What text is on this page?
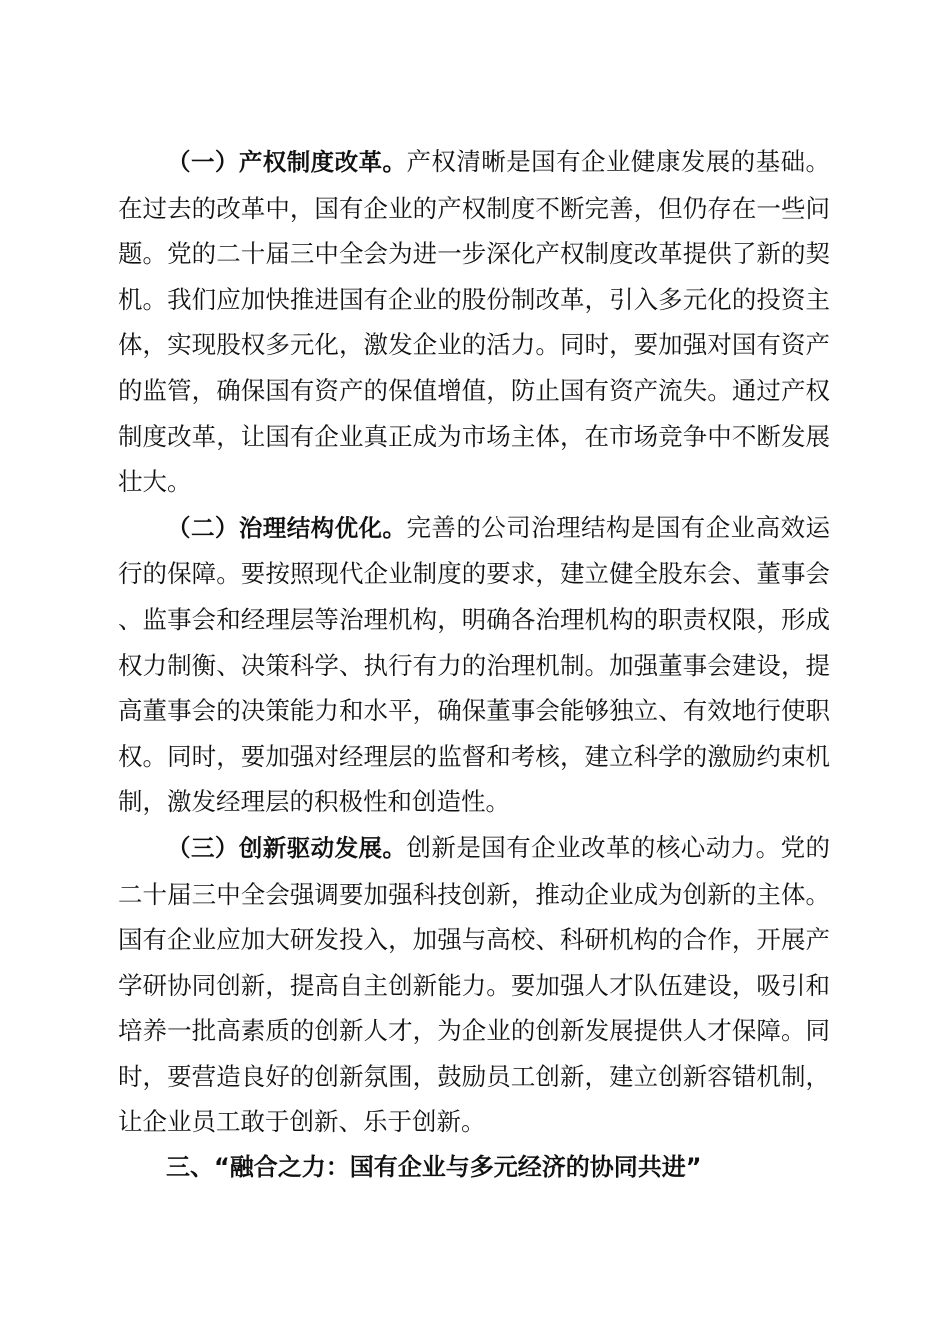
（一）产权制度改革。产权清晰是国有企业健康发展的基础。在过去的改革中，国有企业的产权制度不断完善，但仍存在一些问题。党的二十届三中全会为进一步深化产权制度改革提供了新的契机。我们应加快推进国有企业的股份制改革，引入多元化的投资主体，实现股权多元化，激发企业的活力。同时，要加强对国有资产的监管，确保国有资产的保值增值，防止国有资产流失。通过产权制度改革，让国有企业真正成为市场主体，在市场竞争中不断发展壮大。

（二）治理结构优化。完善的公司治理结构是国有企业高效运行的保障。要按照现代企业制度的要求，建立健全股东会、董事会、监事会和经理层等治理机构，明确各治理机构的职责权限，形成权力制衡、决策科学、执行有力的治理机制。加强董事会建设，提高董事会的决策能力和水平，确保董事会能够独立、有效地行使职权。同时，要加强对经理层的监督和考核，建立科学的激励约束机制，激发经理层的积极性和创造性。

（三）创新驱动发展。创新是国有企业改革的核心动力。党的二十届三中全会强调要加强科技创新，推动企业成为创新的主体。国有企业应加大研发投入，加强与高校、科研机构的合作，开展产学研协同创新，提高自主创新能力。要加强人才队伍建设，吸引和培养一批高素质的创新人才，为企业的创新发展提供人才保障。同时，要营造良好的创新氛围，鼓励员工创新，建立创新容错机制，让企业员工敢于创新、乐于创新。

三、“融合之力：国有企业与多元经济的协同共进”
